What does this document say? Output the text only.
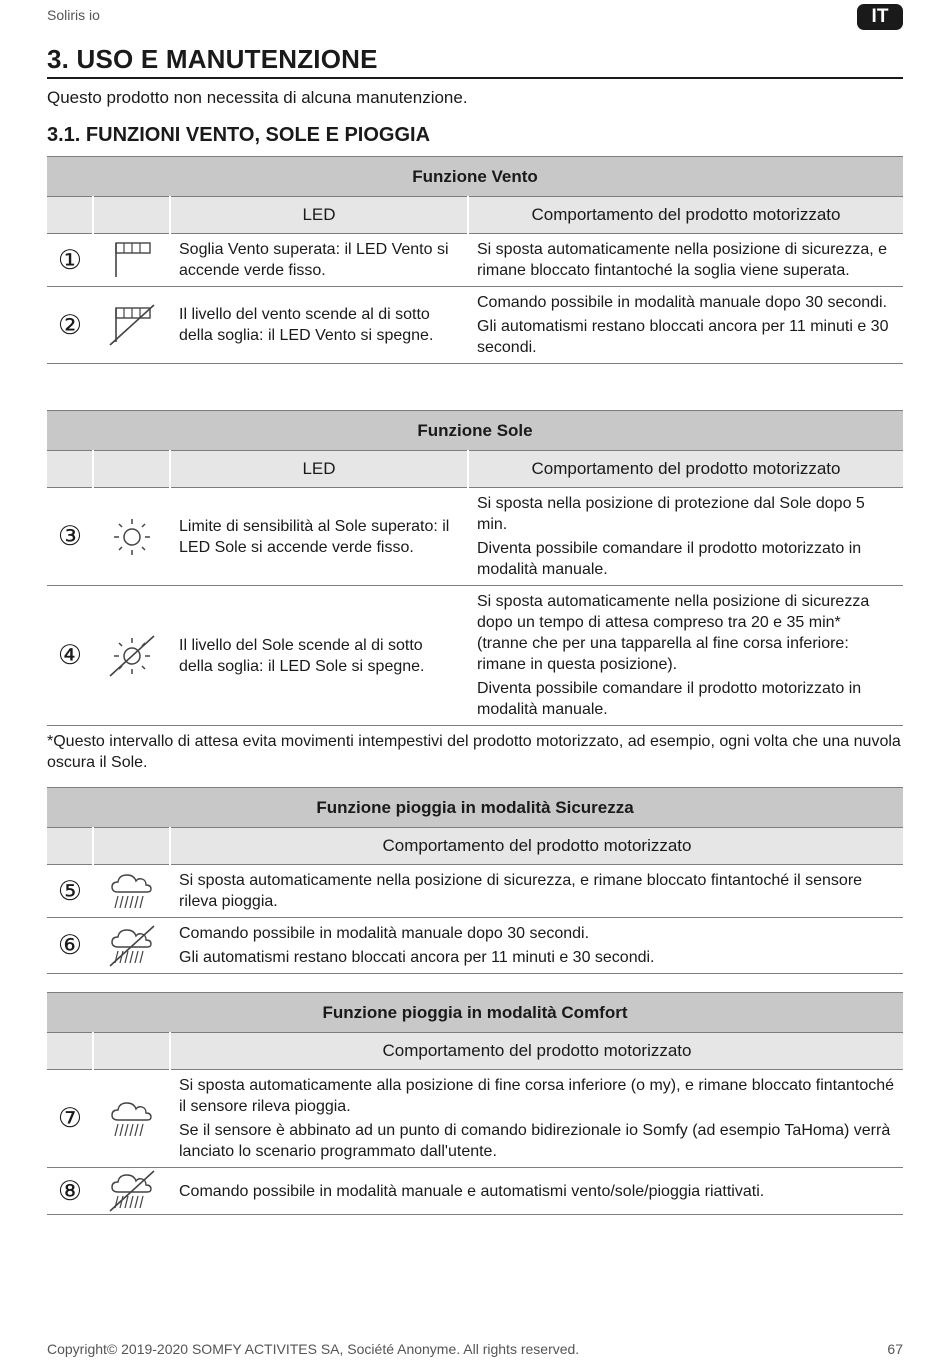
Soliris io	IT
3. USO E MANUTENZIONE
Questo prodotto non necessita di alcuna manutenzione.
3.1. FUNZIONI VENTO, SOLE E PIOGGIA
Funzione Vento			
		LED	Comportamento del prodotto motorizzato
①		Soglia Vento superata: il LED Vento si accende verde fisso.	Si sposta automaticamente nella posizione di sicurezza, e rimane bloccato fintantoché la soglia viene superata.

②		Il livello del vento scende al di sotto della soglia: il LED Vento si spegne.	Comando possibile in modalità manuale dopo 30 secondi.

Gli automatismi restano bloccati ancora per 11 minuti e 30 secondi.

Funzione Sole			
		LED	Comportamento del prodotto motorizzato
③		Limite di sensibilità al Sole superato: il LED Sole si accende verde fisso.	Si sposta nella posizione di protezione dal Sole dopo 5 min.

Diventa possibile comandare il prodotto motorizzato in modalità manuale.

④		Il livello del Sole scende al di sotto della soglia: il LED Sole si spegne.	Si sposta automaticamente nella posizione di sicurezza dopo un tempo di attesa compreso tra 20 e 35 min* (tranne che per una tapparella al fine corsa inferiore: rimane in questa posizione).

Diventa possibile comandare il prodotto motorizzato in modalità manuale.

*Questo intervallo di attesa evita movimenti intempestivi del prodotto motorizzato, ad esempio, ogni volta che una nuvola oscura il Sole.
Funzione pioggia in modalità Sicurezza		
		Comportamento del prodotto motorizzato
⑤		Si sposta automaticamente nella posizione di sicurezza, e rimane bloccato fintantoché il sensore rileva pioggia.

⑥		Comando possibile in modalità manuale dopo 30 secondi.

Gli automatismi restano bloccati ancora per 11 minuti e 30 secondi.

Funzione pioggia in modalità Comfort		
		Comportamento del prodotto motorizzato
⑦		Si sposta automaticamente alla posizione di fine corsa inferiore (o my), e rimane bloccato fintantoché il sensore rileva pioggia.

Se il sensore è abbinato ad un punto di comando bidirezionale io Somfy (ad esempio TaHoma) verrà lanciato lo scenario programmato dall'utente.

⑧		Comando possibile in modalità manuale e automatismi vento/sole/pioggia riattivati.

Copyright© 2019-2020 SOMFY ACTIVITES SA, Société Anonyme. All rights reserved.	67
